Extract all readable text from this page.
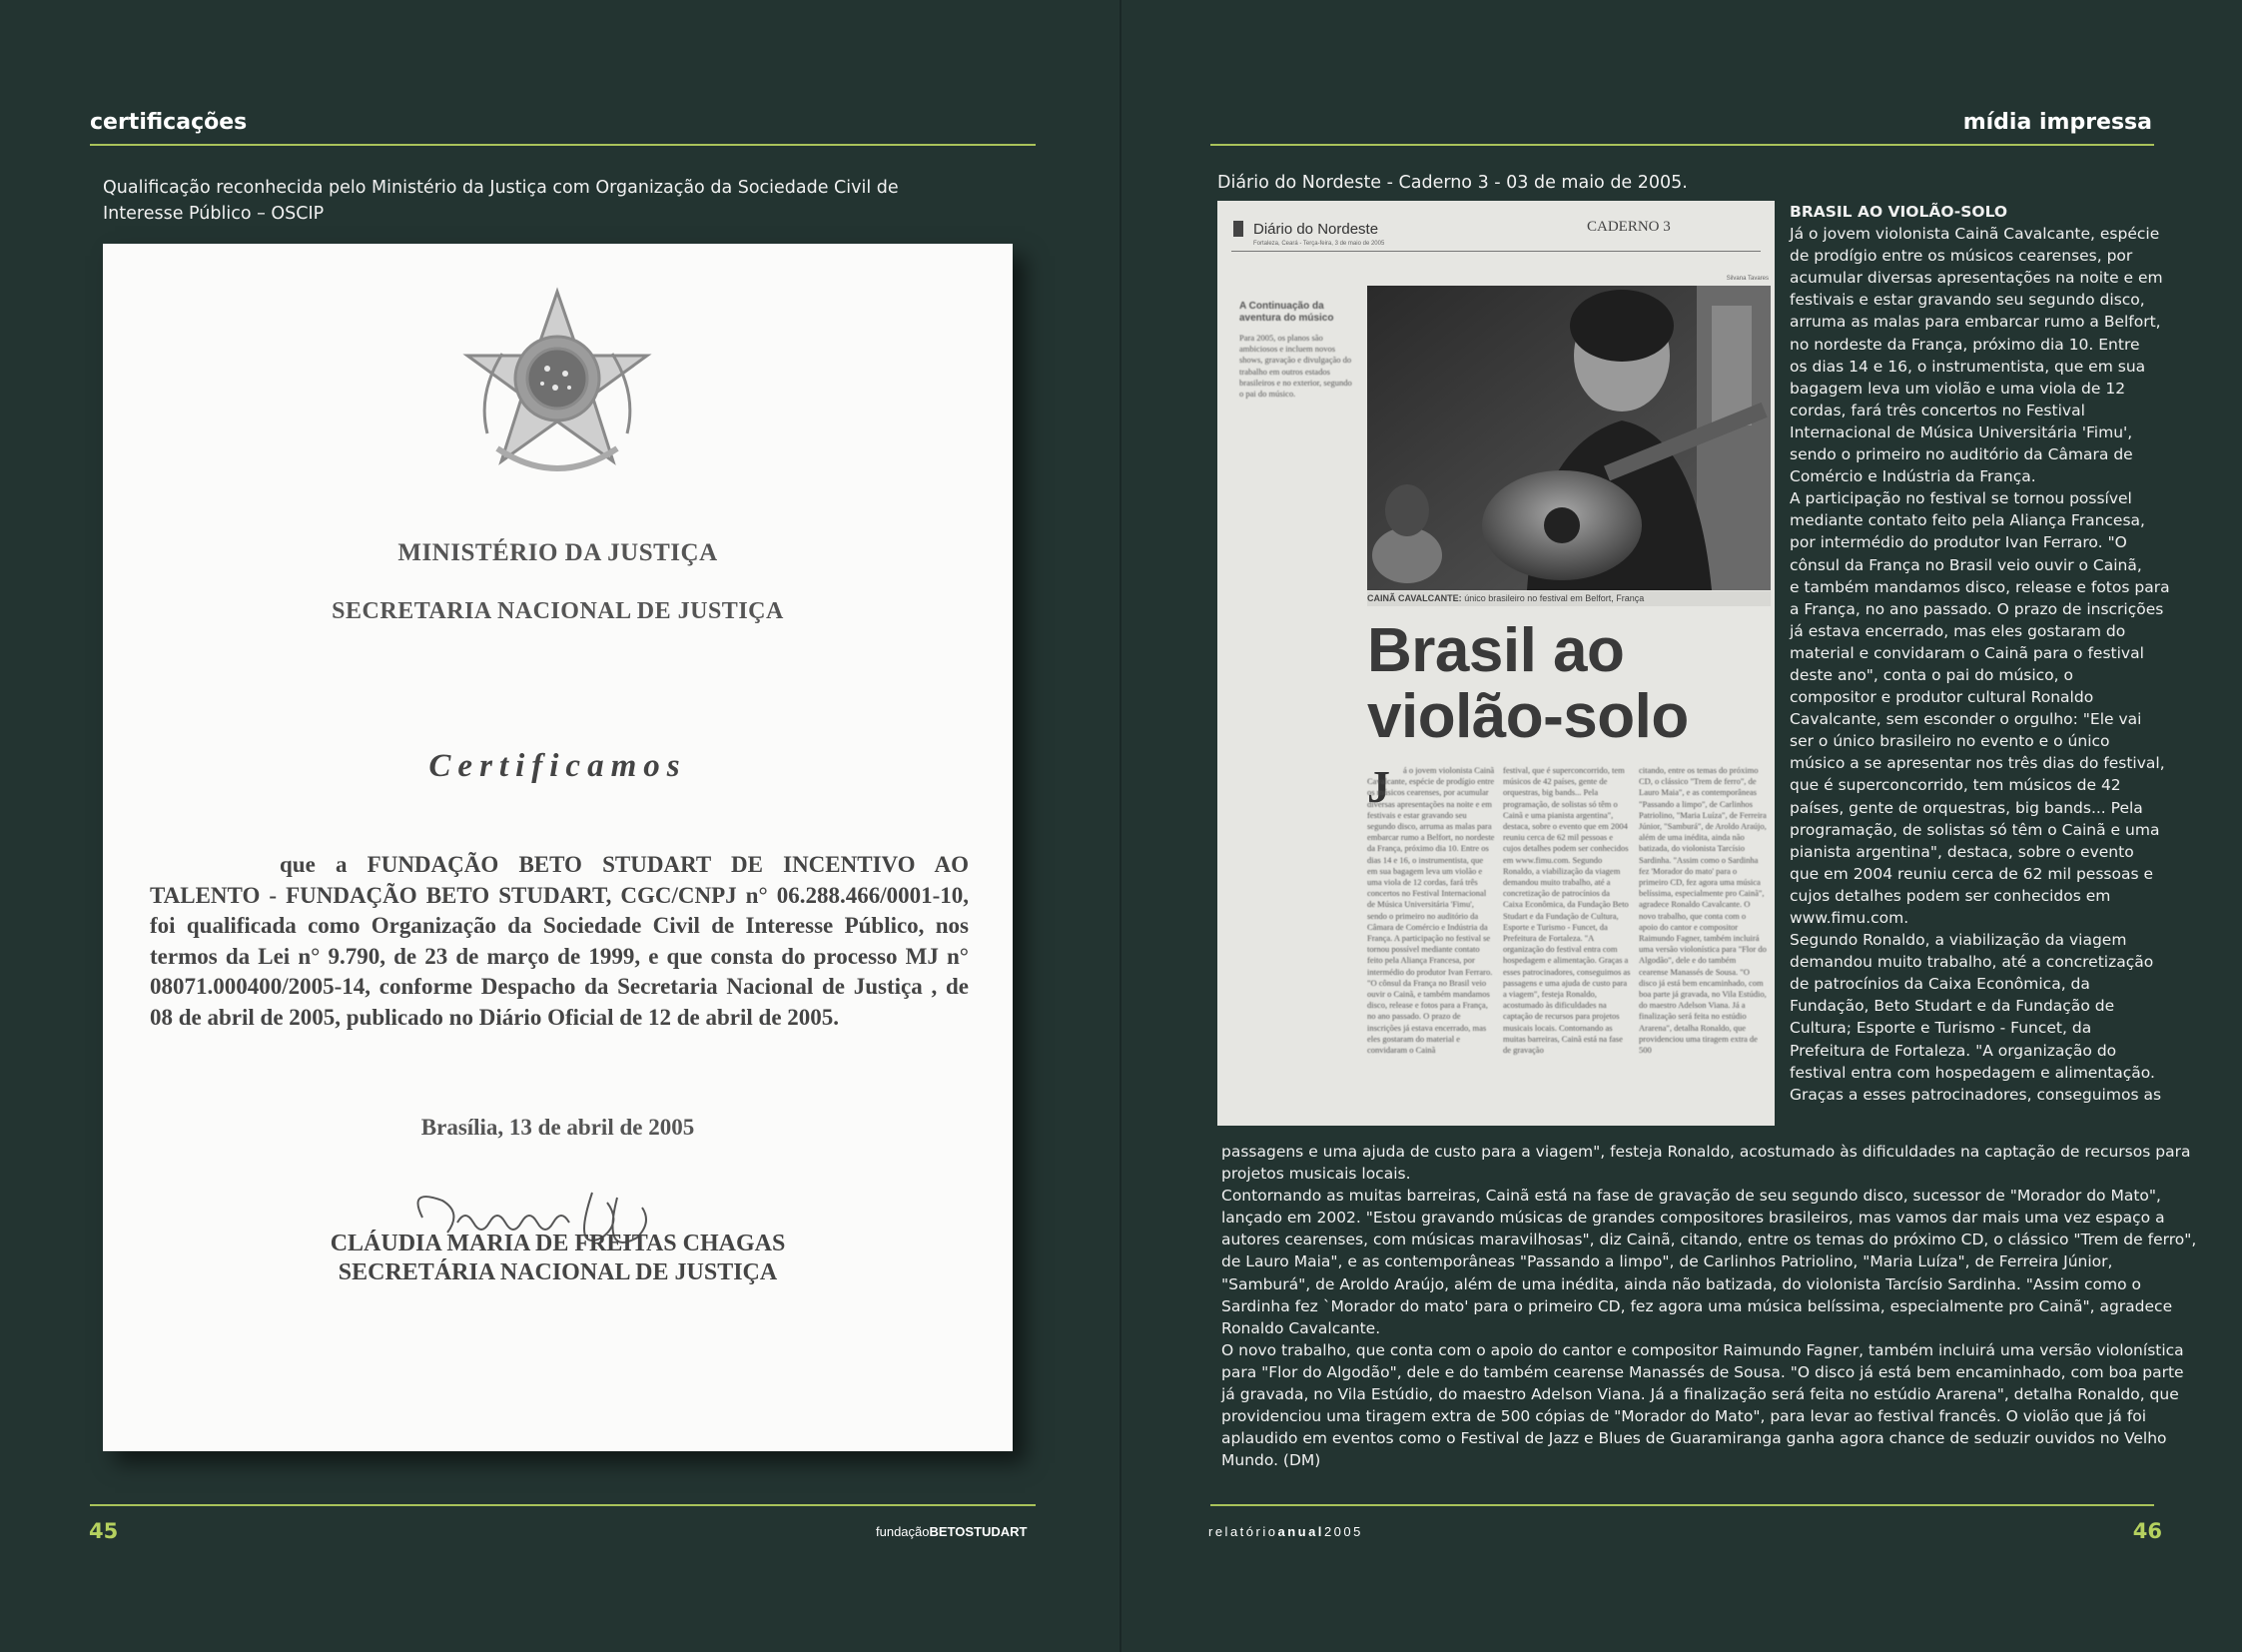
certificações
Qualificação reconhecida pelo Ministério da Justiça com Organização da Sociedade Civil de Interesse Público – OSCIP
MINISTÉRIO DA JUSTIÇA
SECRETARIA NACIONAL DE JUSTIÇA
Certificamos
que a FUNDAÇÃO BETO STUDART DE INCENTIVO AO TALENTO - FUNDAÇÃO BETO STUDART, CGC/CNPJ n° 06.288.466/0001-10, foi qualificada como Organização da Sociedade Civil de Interesse Público, nos termos da Lei n° 9.790, de 23 de março de 1999, e que consta do processo MJ n° 08071.000400/2005-14, conforme Despacho da Secretaria Nacional de Justiça , de 08 de abril de 2005, publicado no Diário Oficial de 12 de abril de 2005.
Brasília, 13 de abril de 2005
CLÁUDIA MARIA DE FREITAS CHAGAS
SECRETÁRIA NACIONAL DE JUSTIÇA
45	fundaçãoBETOSTUDART
mídia impressa
Diário do Nordeste - Caderno 3 - 03 de maio de 2005.
Diário do Nordeste	CADERNO 3
Fortaleza, Ceará - Terça-feira, 3 de maio de 2005
Silvana Tavares
A Continuação da aventura do músico
Para 2005, os planos são ambiciosos e incluem novos shows, gravação e divulgação do trabalho em outros estados brasileiros e no exterior, segundo o pai do músico.
CAINÃ CAVALCANTE: único brasileiro no festival em Belfort, França
Brasil ao
violão-solo
J	á o jovem violonista Cainã Cavalcante, espécie de prodígio entre os músicos cearenses, por acumular diversas apresentações na noite e em festivais e estar gravando seu segundo disco, arruma as malas para embarcar rumo a Belfort, no nordeste da França, próximo dia 10. Entre os dias 14 e 16, o instrumentista, que em sua bagagem leva um violão e uma viola de 12 cordas, fará três concertos no Festival Internacional de Música Universitária 'Fimu', sendo o primeiro no auditório da Câmara de Comércio e Indústria da França. A participação no festival se tornou possível mediante contato feito pela Aliança Francesa, por intermédio do produtor Ivan Ferraro. "O cônsul da França no Brasil veio ouvir o Cainã, e também mandamos disco, release e fotos para a França, no ano passado. O prazo de inscrições já estava encerrado, mas eles gostaram do material e convidaram o Cainã
festival, que é superconcorrido, tem músicos de 42 países, gente de orquestras, big bands... Pela programação, de solistas só têm o Cainã e uma pianista argentina", destaca, sobre o evento que em 2004 reuniu cerca de 62 mil pessoas e cujos detalhes podem ser conhecidos em www.fimu.com. Segundo Ronaldo, a viabilização da viagem demandou muito trabalho, até a concretização de patrocínios da Caixa Econômica, da Fundação Beto Studart e da Fundação de Cultura, Esporte e Turismo - Funcet, da Prefeitura de Fortaleza. "A organização do festival entra com hospedagem e alimentação. Graças a esses patrocinadores, conseguimos as passagens e uma ajuda de custo para a viagem", festeja Ronaldo, acostumado às dificuldades na captação de recursos para projetos musicais locais. Contornando as muitas barreiras, Cainã está na fase de gravação
citando, entre os temas do próximo CD, o clássico "Trem de ferro", de Lauro Maia", e as contemporâneas "Passando a limpo", de Carlinhos Patriolino, "Maria Luíza", de Ferreira Júnior, "Samburá", de Aroldo Araújo, além de uma inédita, ainda não batizada, do violonista Tarcísio Sardinha. "Assim como o Sardinha fez 'Morador do mato' para o primeiro CD, fez agora uma música belíssima, especialmente pro Cainã", agradece Ronaldo Cavalcante. O novo trabalho, que conta com o apoio do cantor e compositor Raimundo Fagner, também incluirá uma versão violonística para "Flor do Algodão", dele e do também cearense Manassés de Sousa. "O disco já está bem encaminhado, com boa parte já gravada, no Vila Estúdio, do maestro Adelson Viana. Já a finalização será feita no estúdio Ararena", detalha Ronaldo, que providenciou uma tiragem extra de 500
BRASIL AO VIOLÃO-SOLO
Já o jovem violonista Cainã Cavalcante, espécie
de prodígio entre os músicos cearenses, por
acumular diversas apresentações na noite e em
festivais e estar gravando seu segundo disco,
arruma as malas para embarcar rumo a Belfort,
no nordeste da França, próximo dia 10. Entre
os dias 14 e 16, o instrumentista, que em sua
bagagem leva um violão e uma viola de 12
cordas, fará três concertos no Festival
Internacional de Música Universitária 'Fimu',
sendo o primeiro no auditório da Câmara de
Comércio e Indústria da França.
A participação no festival se tornou possível
mediante contato feito pela Aliança Francesa,
por intermédio do produtor Ivan Ferraro. "O
cônsul da França no Brasil veio ouvir o Cainã,
e também mandamos disco, release e fotos para
a França, no ano passado. O prazo de inscrições
já estava encerrado, mas eles gostaram do
material e convidaram o Cainã para o festival
deste ano", conta o pai do músico, o
compositor e produtor cultural Ronaldo
Cavalcante, sem esconder o orgulho: "Ele vai
ser o único brasileiro no evento e o único
músico a se apresentar nos três dias do festival,
que é superconcorrido, tem músicos de 42
países, gente de orquestras, big bands... Pela
programação, de solistas só têm o Cainã e uma
pianista argentina", destaca, sobre o evento
que em 2004 reuniu cerca de 62 mil pessoas e
cujos detalhes podem ser conhecidos em
www.fimu.com.
Segundo Ronaldo, a viabilização da viagem
demandou muito trabalho, até a concretização
de patrocínios da Caixa Econômica, da
Fundação, Beto Studart e da Fundação de
Cultura; Esporte e Turismo - Funcet, da
Prefeitura de Fortaleza. "A organização do
festival entra com hospedagem e alimentação.
Graças a esses patrocinadores, conseguimos as
passagens e uma ajuda de custo para a viagem", festeja Ronaldo, acostumado às dificuldades na captação de recursos para
projetos musicais locais.
Contornando as muitas barreiras, Cainã está na fase de gravação de seu segundo disco, sucessor de "Morador do Mato",
lançado em 2002. "Estou gravando músicas de grandes compositores brasileiros, mas vamos dar mais uma vez espaço a
autores cearenses, com músicas maravilhosas", diz Cainã, citando, entre os temas do próximo CD, o clássico "Trem de ferro",
de Lauro Maia", e as contemporâneas "Passando a limpo", de Carlinhos Patriolino, "Maria Luíza", de Ferreira Júnior,
"Samburá", de Aroldo Araújo, além de uma inédita, ainda não batizada, do violonista Tarcísio Sardinha. "Assim como o
Sardinha fez `Morador do mato' para o primeiro CD, fez agora uma música belíssima, especialmente pro Cainã", agradece
Ronaldo Cavalcante.
O novo trabalho, que conta com o apoio do cantor e compositor Raimundo Fagner, também incluirá uma versão violonística
para "Flor do Algodão", dele e do também cearense Manassés de Sousa. "O disco já está bem encaminhado, com boa parte
já gravada, no Vila Estúdio, do maestro Adelson Viana. Já a finalização será feita no estúdio Ararena", detalha Ronaldo, que
providenciou uma tiragem extra de 500 cópias de "Morador do Mato", para levar ao festival francês. O violão que já foi
aplaudido em eventos como o Festival de Jazz e Blues de Guaramiranga ganha agora chance de seduzir ouvidos no Velho
Mundo. (DM)
relatórioanual2005	46
